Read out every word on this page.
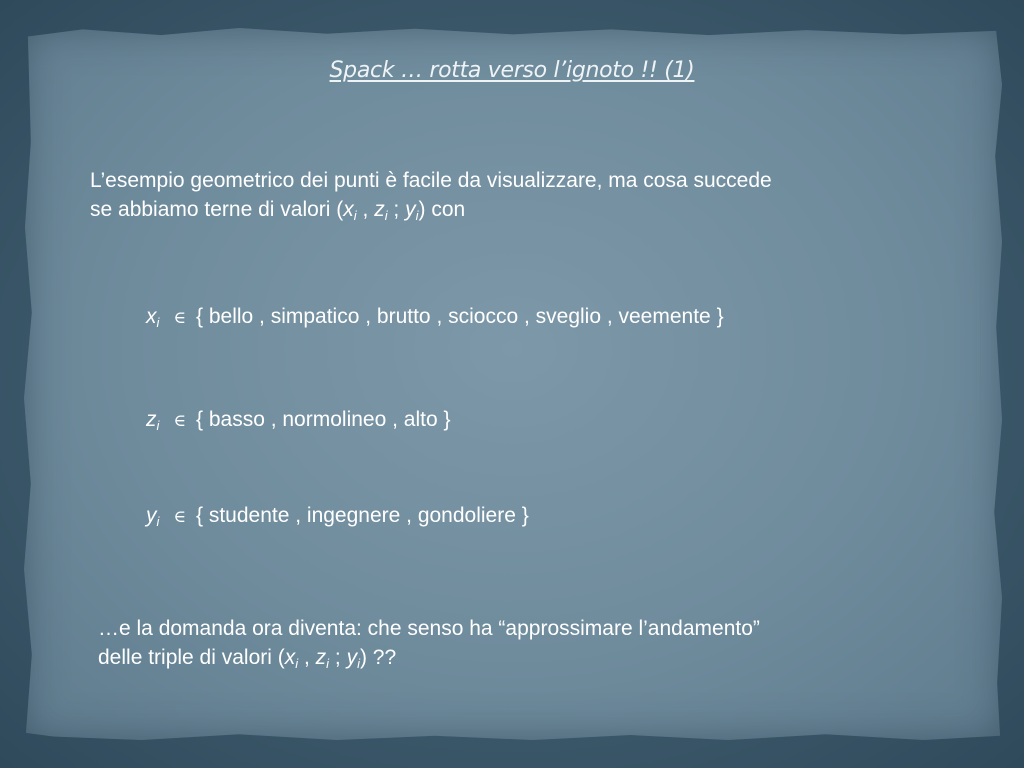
Spack … rotta verso l’ignoto !! (1)
L’esempio geometrico dei punti è facile da visualizzare, ma cosa succede
se abbiamo terne di valori ($x_i$ , $z_i$ ; $y_i$) con
$x_i$ ∈ { bello , simpatico , brutto , sciocco , sveglio , veemente }
$z_i$ ∈ { basso , normolineo , alto }
$y_i$ ∈ { studente , ingegnere , gondoliere }
…e la domanda ora diventa: che senso ha “approssimare l’andamento”
delle triple di valori ($x_i$ , $z_i$ ; $y_i$) ??
